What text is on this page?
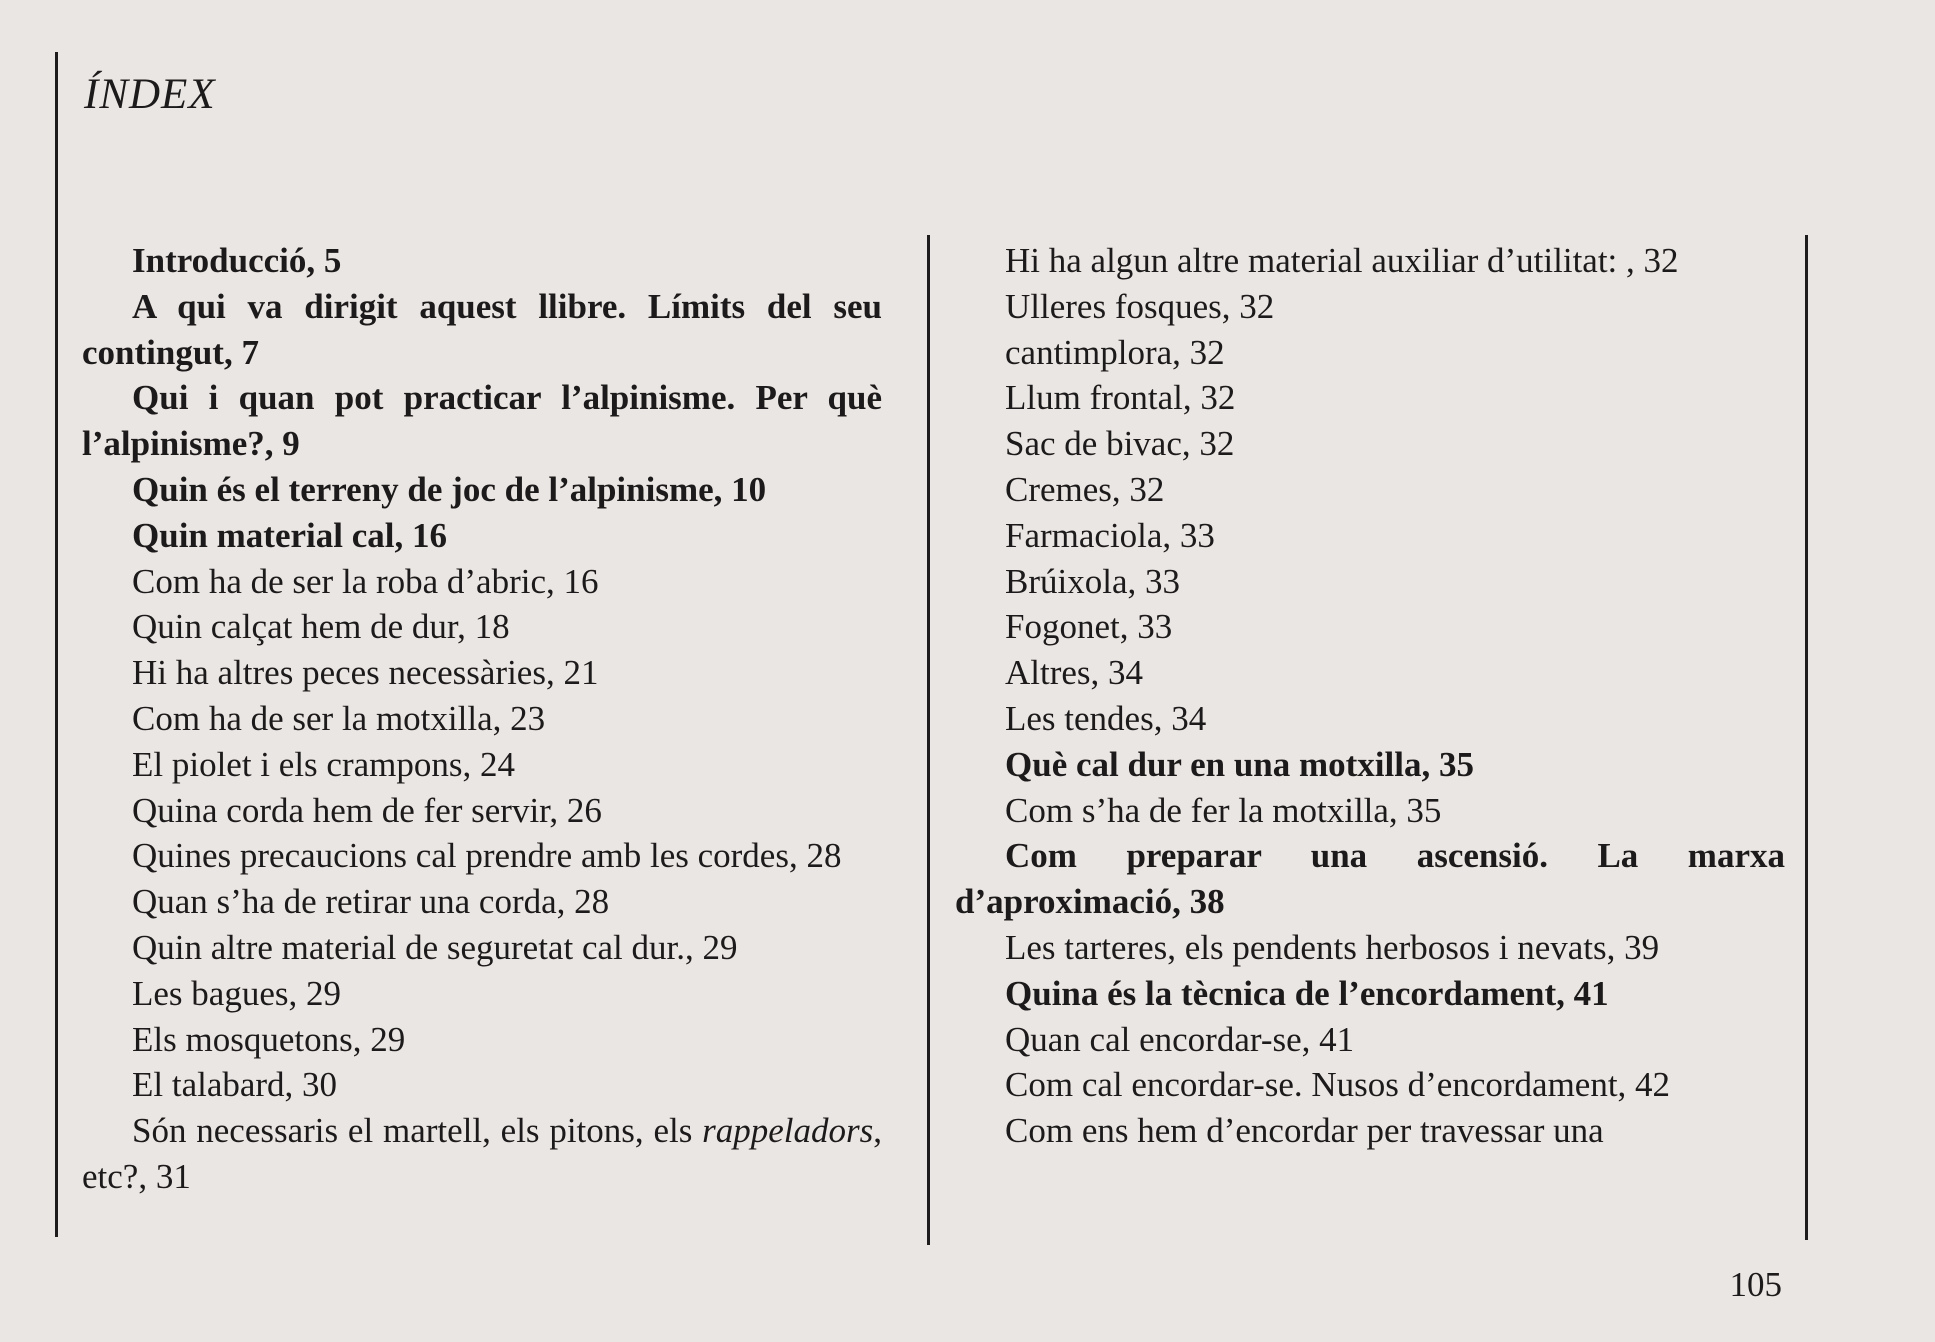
ÍNDEX
Introducció, 5
A qui va dirigit aquest llibre. Límits del seu contingut, 7
Qui i quan pot practicar l’alpinisme. Per què l’alpinisme?, 9
Quin és el terreny de joc de l’alpinisme, 10
Quin material cal, 16
Com ha de ser la roba d’abric, 16
Quin calçat hem de dur, 18
Hi ha altres peces necessàries, 21
Com ha de ser la motxilla, 23
El piolet i els crampons, 24
Quina corda hem de fer servir, 26
Quines precaucions cal prendre amb les cordes, 28
Quan s’ha de retirar una corda, 28
Quin altre material de seguretat cal dur., 29
Les bagues, 29
Els mosquetons, 29
El talabard, 30
Són necessaris el martell, els pitons, els rappeladors, etc?, 31
Hi ha algun altre material auxiliar d’utilitat: , 32
Ulleres fosques, 32
cantimplora, 32
Llum frontal, 32
Sac de bivac, 32
Cremes, 32
Farmaciola, 33
Brúixola, 33
Fogonet, 33
Altres, 34
Les tendes, 34
Què cal dur en una motxilla, 35
Com s’ha de fer la motxilla, 35
Com preparar una ascensió. La marxa d’aproximació, 38
Les tarteres, els pendents herbosos i nevats, 39
Quina és la tècnica de l’encordament, 41
Quan cal encordar-se, 41
Com cal encordar-se. Nusos d’encordament, 42
Com ens hem d’encordar per travessar una
105
